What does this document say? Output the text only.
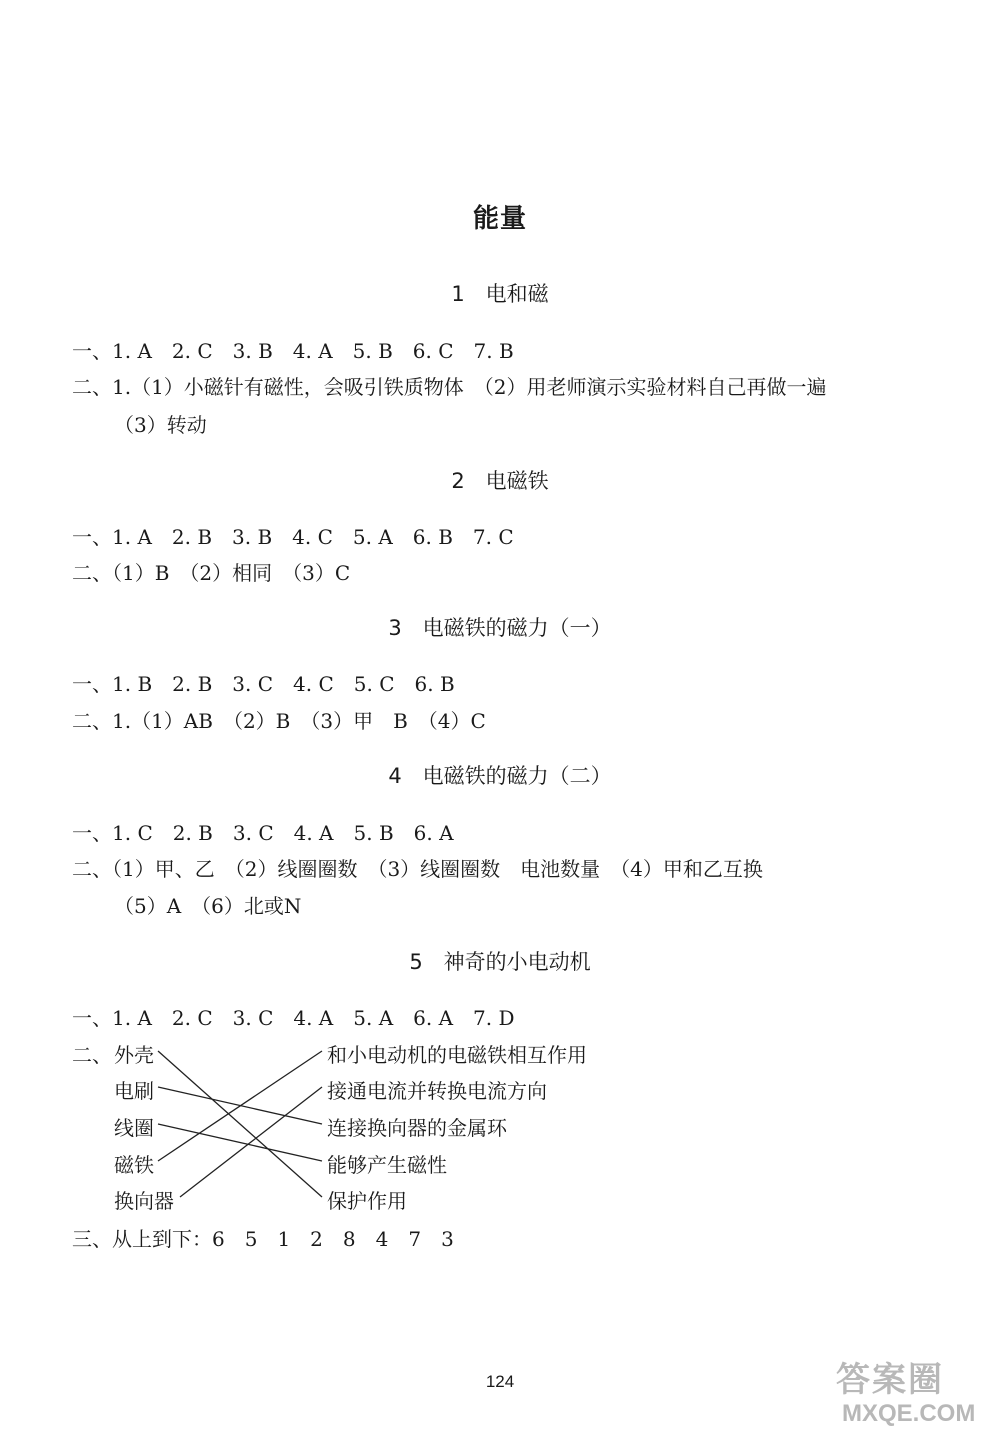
能量
1　电和磁
一、1. A　2. C　3. B　4. A　5. B　6. C　7. B
二、1.（1）小磁针有磁性，会吸引铁质物体　（2）用老师演示实验材料自己再做一遍
（3）转动
2　电磁铁
一、1. A　2. B　3. B　4. C　5. A　6. B　7. C
二、（1）B　（2）相同　（3）C
3　电磁铁的磁力（一）
一、1. B　2. B　3. C　4. C　5. C　6. B
二、1.（1）AB　（2）B　（3）甲　B　（4）C
4　电磁铁的磁力（二）
一、1. C　2. B　3. C　4. A　5. B　6. A
二、（1）甲、乙　（2）线圈圈数　（3）线圈圈数　电池数量　（4）甲和乙互换
（5）A　（6）北或N
5　神奇的小电动机
一、1. A　2. C　3. C　4. A　5. A　6. A　7. D
二、 外壳
电刷
线圈
磁铁
换向器
和小电动机的电磁铁相互作用
接通电流并转换电流方向
连接换向器的金属环
能够产生磁性
保护作用
三、从上到下：6　5　1　2　8　4　7　3
124	答案圈
MXQE.COM
